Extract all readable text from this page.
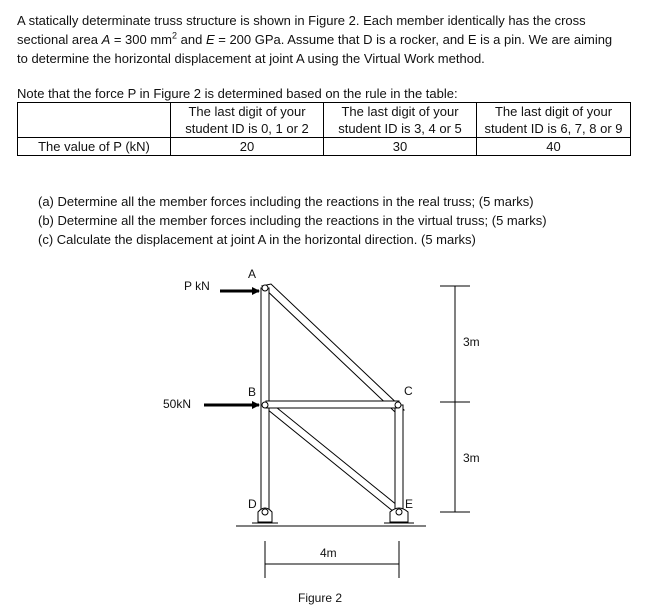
A statically determinate truss structure is shown in Figure 2. Each member identically has the cross
sectional area A = 300 $mm^2$ and E = 200 GPa. Assume that D is a rocker, and E is a pin. We are aiming
to determine the horizontal displacement at joint A using the Virtual Work method.
Note that the force P in Figure 2 is determined based on the rule in the table:
	The last digit of your student ID is 0, 1 or 2	The last digit of your student ID is 3, 4 or 5	The last digit of your student ID is 6, 7, 8 or 9
The value of P (kN)	20	30	40

(a) Determine all the member forces including the reactions in the real truss; (5 marks)

(b) Determine all the member forces including the reactions in the virtual truss; (5 marks)

(c) Calculate the displacement at joint A in the horizontal direction. (5 marks)

P kN
50kN
A
B	C
D	E
3m
3m
4m
Figure 2
